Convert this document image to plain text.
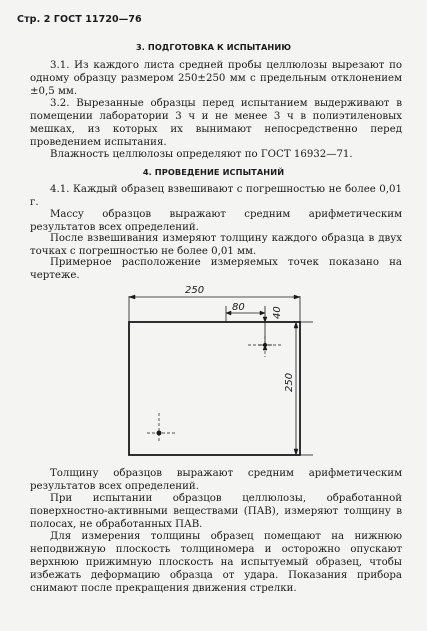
Стр. 2 ГОСТ 11720—76
3. ПОДГОТОВКА К ИСПЫТАНИЮ
3.1. Из каждого листа средней пробы целлюлозы вырезают по одному образцу размером 250±250 мм с предельным отклонением ±0,5 мм.
3.2. Вырезанные образцы перед испытанием выдерживают в помещении лаборатории 3 ч и не менее 3 ч в полиэтиленовых мешках, из которых их вынимают непосредственно перед проведением испытания.
Влажность целлюлозы определяют по ГОСТ 16932—71.
4. ПРОВЕДЕНИЕ ИСПЫТАНИЙ
4.1. Каждый образец взвешивают с погрешностью не более 0,01 г.
Массу образцов выражают средним арифметическим результатов всех определений.
После взвешивания измеряют толщину каждого образца в двух точках с погрешностью не более 0,01 мм.
Примерное расположение измеряемых точек показано на чертеже.
250
80	40
250
Толщину образцов выражают средним арифметическим результатов всех определений.
При испытании образцов целлюлозы, обработанной поверхностно-активными веществами (ПАВ), измеряют толщину в полосах, не обработанных ПАВ.
Для измерения толщины образец помещают на нижнюю неподвижную плоскость толщиномера и осторожно опускают верхнюю прижимную плоскость на испытуемый образец, чтобы избежать деформацию образца от удара. Показания прибора снимают после прекращения движения стрелки.
